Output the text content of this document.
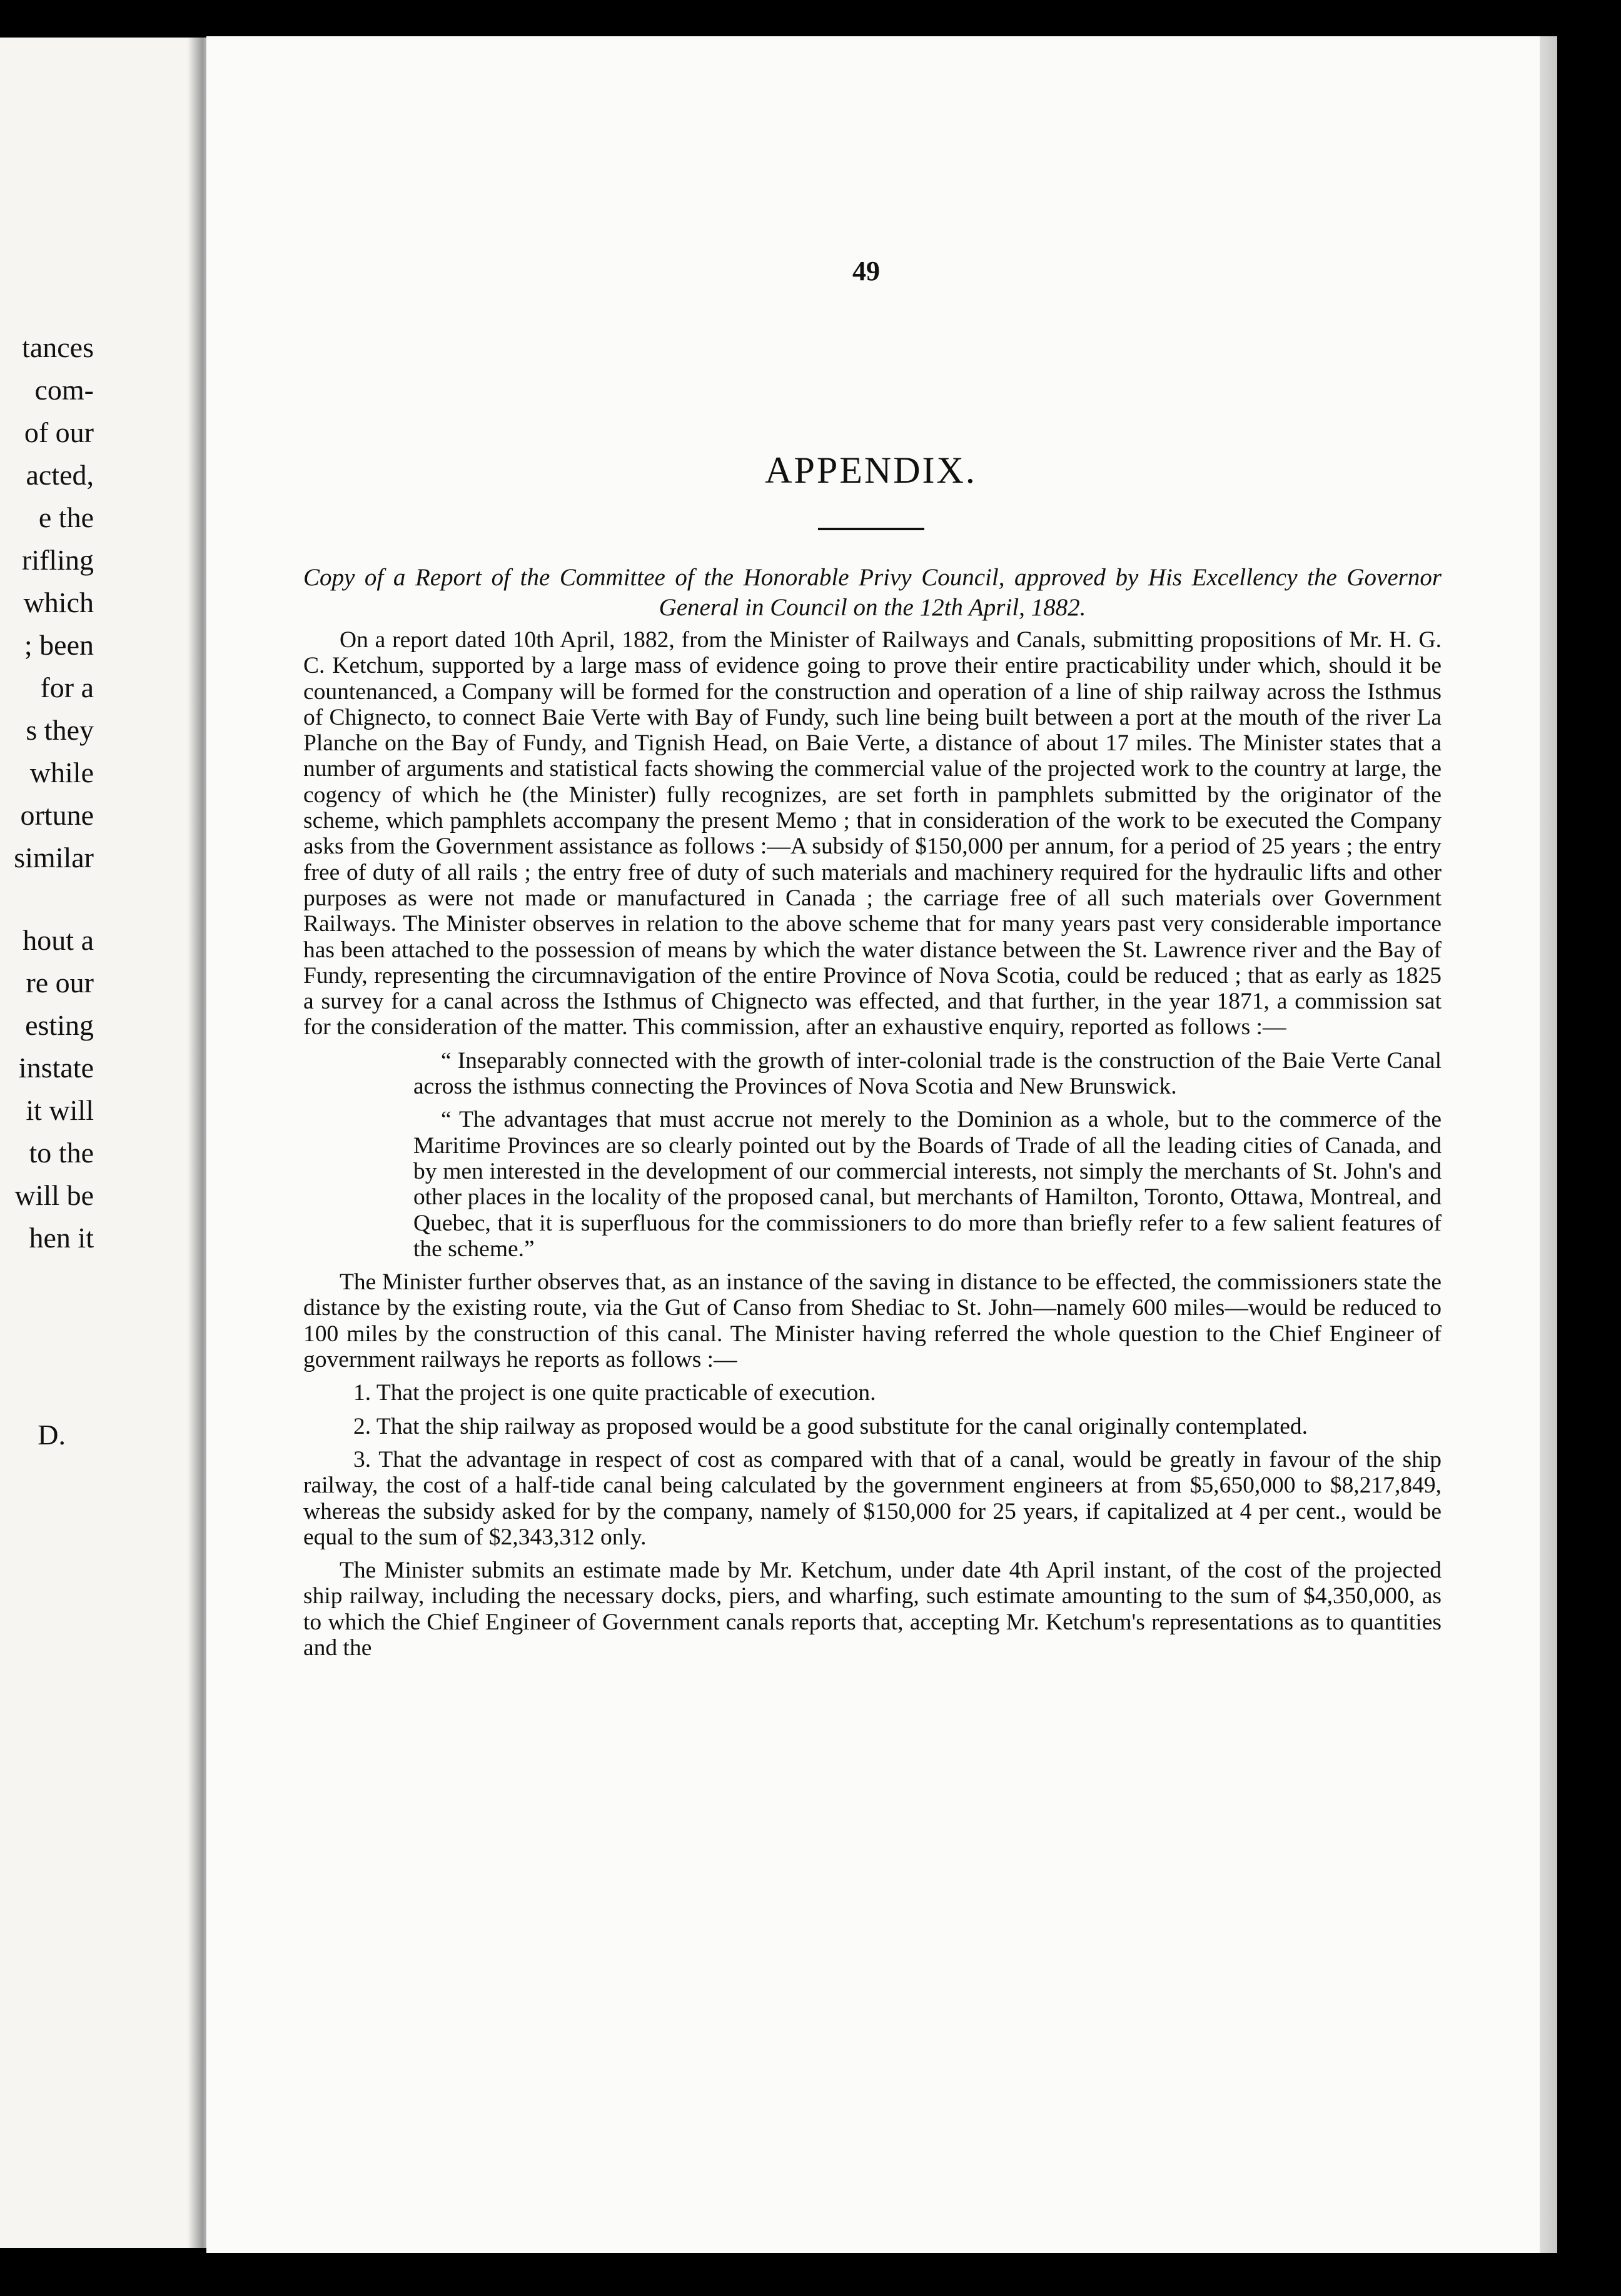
tances
com-
of our
acted,
e the
rifling
which
; been
for a
s they
while
ortune
similar
hout a
re our
esting
instate
it will
to the
will be
hen it
D.
49
APPENDIX.
Copy of a Report of the Committee of the Honorable Privy Council, approved by His Excellency the Governor General in Council on the 12th April, 1882.

On a report dated 10th April, 1882, from the Minister of Railways and Canals, submitting propositions of Mr. H. G. C. Ketchum, supported by a large mass of evidence going to prove their entire practicability under which, should it be countenanced, a Company will be formed for the construction and operation of a line of ship railway across the Isthmus of Chignecto, to connect Baie Verte with Bay of Fundy, such line being built between a port at the mouth of the river La Planche on the Bay of Fundy, and Tignish Head, on Baie Verte, a distance of about 17 miles. The Minister states that a number of arguments and statistical facts showing the commercial value of the projected work to the country at large, the cogency of which he (the Minister) fully recognizes, are set forth in pamphlets submitted by the originator of the scheme, which pamphlets accompany the present Memo ; that in consideration of the work to be executed the Company asks from the Government assistance as follows :—A subsidy of $150,000 per annum, for a period of 25 years ; the entry free of duty of all rails ; the entry free of duty of such materials and machinery required for the hydraulic lifts and other purposes as were not made or manufactured in Canada ; the carriage free of all such materials over Government Railways. The Minister observes in relation to the above scheme that for many years past very considerable importance has been attached to the possession of means by which the water distance between the St. Lawrence river and the Bay of Fundy, representing the circumnavigation of the entire Province of Nova Scotia, could be reduced ; that as early as 1825 a survey for a canal across the Isthmus of Chignecto was effected, and that further, in the year 1871, a commission sat for the consideration of the matter. This commission, after an exhaustive enquiry, reported as follows :—

“ Inseparably connected with the growth of inter-colonial trade is the construction of the Baie Verte Canal across the isthmus connecting the Provinces of Nova Scotia and New Brunswick.

“ The advantages that must accrue not merely to the Dominion as a whole, but to the commerce of the Maritime Provinces are so clearly pointed out by the Boards of Trade of all the leading cities of Canada, and by men interested in the development of our commercial interests, not simply the merchants of St. John's and other places in the locality of the proposed canal, but merchants of Hamilton, Toronto, Ottawa, Montreal, and Quebec, that it is superfluous for the commissioners to do more than briefly refer to a few salient features of the scheme.”

The Minister further observes that, as an instance of the saving in distance to be effected, the commissioners state the distance by the existing route, via the Gut of Canso from Shediac to St. John—namely 600 miles—would be reduced to 100 miles by the construction of this canal. The Minister having referred the whole question to the Chief Engineer of government railways he reports as follows :—

1. That the project is one quite practicable of execution.

2. That the ship railway as proposed would be a good substitute for the canal originally contemplated.

3. That the advantage in respect of cost as compared with that of a canal, would be greatly in favour of the ship railway, the cost of a half-tide canal being calculated by the government engineers at from $5,650,000 to $8,217,849, whereas the subsidy asked for by the company, namely of $150,000 for 25 years, if capitalized at 4 per cent., would be equal to the sum of $2,343,312 only.

The Minister submits an estimate made by Mr. Ketchum, under date 4th April instant, of the cost of the projected ship railway, including the necessary docks, piers, and wharfing, such estimate amounting to the sum of $4,350,000, as to which the Chief Engineer of Government canals reports that, accepting Mr. Ketchum's representations as to quantities and the
